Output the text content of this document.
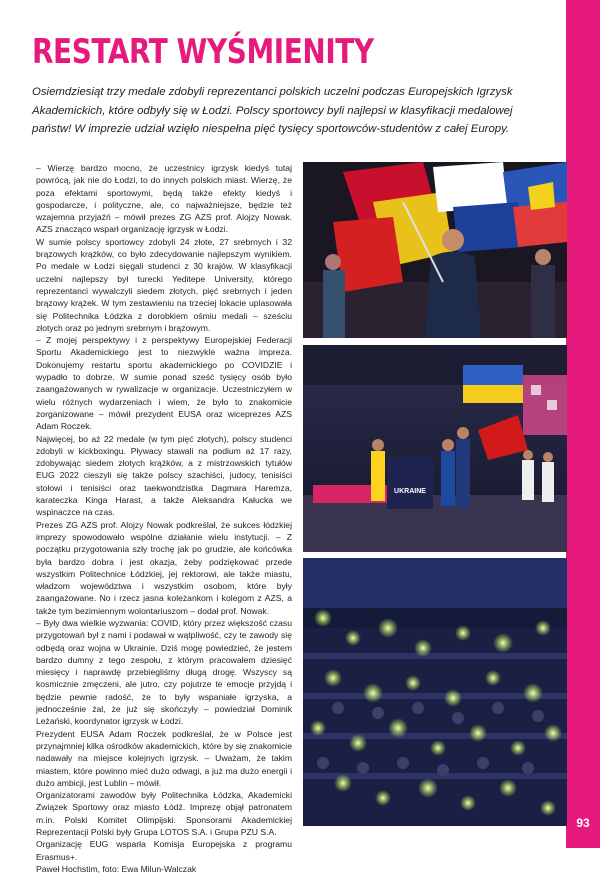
93
RESTART WYŚMIENITY

Osiemdziesiąt trzy medale zdobyli reprezentanci polskich uczelni podczas Europejskich Igrzysk Akademickich, które odbyły się w Łodzi. Polscy sportowcy byli najlepsi w klasyfikacji medalowej państw! W imprezie udział wzięło niespełna pięć tysięcy sportowców-studentów z całej Europy.

– Wierzę bardzo mocno, że uczestnicy igrzysk kiedyś tutaj powrócą, jak nie do Łodzi, to do innych polskich miast. Wierzę, że poza efektami sportowymi, będą także efekty kiedyś i gospodarcze, i polityczne, ale, co najważniejsze, będzie też wzajemna przyjaźń – mówił prezes ZG AZS prof. Alojzy Nowak. AZS znacząco wsparł organizację igrzysk w Łodzi.

W sumie polscy sportowcy zdobyli 24 złote, 27 srebrnych i 32 brązowych krążków, co było zdecydowanie najlepszym wynikiem. Po medale w Łodzi sięgali studenci z 30 krajów. W klasyfikacji uczelni najlepszy był turecki Yeditepe University, którego reprezentanci wywalczyli siedem złotych, pięć srebrnych i jeden brązowy krążek. W tym zestawieniu na trzeciej lokacie uplasowała się Politechnika Łódzka z dorobkiem ośmiu medali – sześciu złotych oraz po jednym srebrnym i brązowym.

– Z mojej perspektywy i z perspektywy Europejskiej Federacji Sportu Akademickiego jest to niezwykle ważna impreza. Dokonujemy restartu sportu akademickiego po COVIDZIE i wypadło to dobrze. W sumie ponad sześć tysięcy osób było zaangażowanych w rywalizacje w organizacje. Uczestniczyłem w wielu różnych wydarzeniach i wiem, że było to znakomicie zorganizowane – mówił prezydent EUSA oraz wiceprezes AZS Adam Roczek.

Najwięcej, bo aż 22 medale (w tym pięć złotych), polscy studenci zdobyli w kickboxingu. Pływacy stawali na podium aż 17 razy, zdobywając siedem złotych krążków, a z mistrzowskich tytułów EUG 2022 cieszyli się także polscy szachiści, judocy, tenisiści stołowi i tenisiści oraz taekwondzistka Dagmara Haremza, karateczka Kinga Harast, a także Aleksandra Kałucka we wspinaczce na czas.

Prezes ZG AZS prof. Alojzy Nowak podkreślał, że sukces łódzkiej imprezy spowodowało wspólne działanie wielu instytucji. – Z początku przygotowania szły trochę jak po grudzie, ale końcówka była bardzo dobra i jest okazja, żeby podziękować przede wszystkim Politechnice Łódzkiej, jej rektorowi, ale także miastu, władzom województwa i wszystkim osobom, które były zaangażowane. No i rzecz jasna koleżankom i kolegom z AZS, a także tym bezimiennym wolontariuszom – dodał prof. Nowak.

– Były dwa wielkie wyzwania: COVID, który przez większość czasu przygotowań był z nami i podawał w wątpliwość, czy te zawody się odbędą oraz wojna w Ukrainie. Dziś mogę powiedzieć, że jestem bardzo dumny z tego zespołu, z którym pracowałem dziesięć miesięcy i naprawdę przebiegliśmy długą drogę. Wszyscy są kosmicznie zmęczeni, ale jutro, czy pojutrze te emocje przyjdą i będzie pewnie radość, że to były wspaniałe igrzyska, a jednocześnie żal, że już się skończyły – powiedział Dominik Leżański, koordynator igrzysk w Łodzi.

Prezydent EUSA Adam Roczek podkreślał, że w Polsce jest przynajmniej kilka ośrodków akademickich, które by się znakomicie nadawały na miejsce kolejnych igrzysk. – Uważam, że takim miastem, które powinno mieć dużo odwagi, a już ma dużo energii i dużo ambicji, jest Lublin – mówił.

Organizatorami zawodów były Politechnika Łódzka, Akademicki Związek Sportowy oraz miasto Łódź. Imprezę objął patronatem m.in. Polski Komitet Olimpijski. Sponsorami Akademickiej Reprezentacji Polski były Grupa LOTOS S.A. i Grupa PZU S.A.

Organizację EUG wsparła Komisja Europejska z programu Erasmus+.

Paweł Hochstim, foto: Ewa Milun-Walczak

UKRAINE
